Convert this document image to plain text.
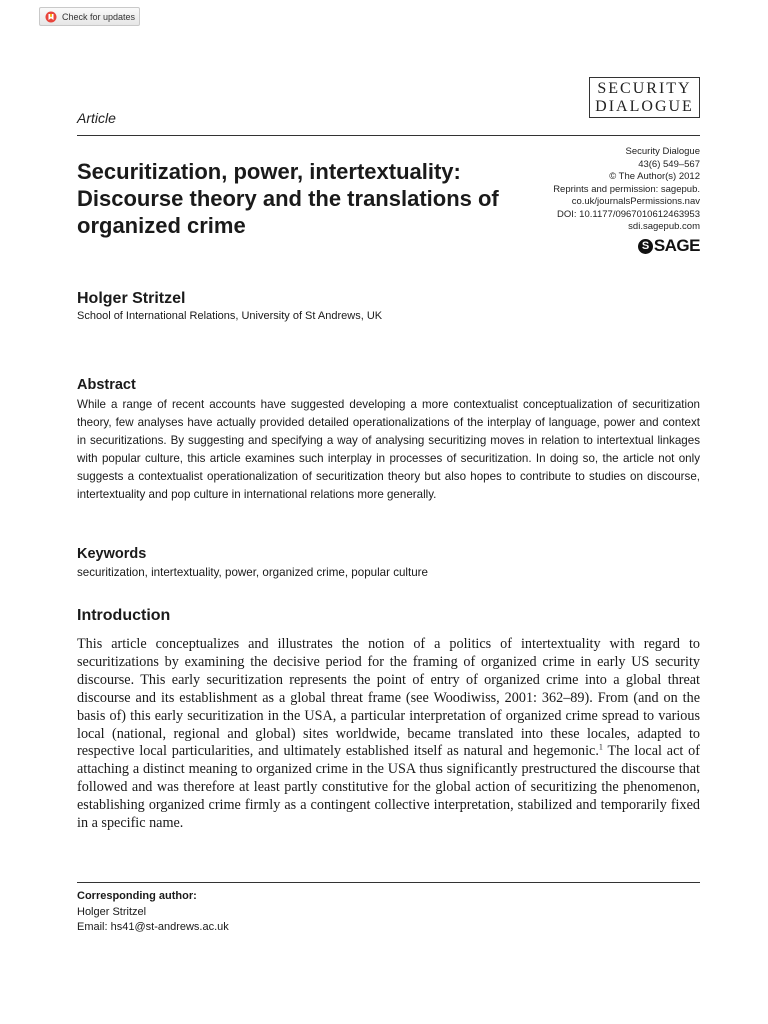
Check for updates
SECURITY
DIALOGUE
Article
Securitization, power, intertextuality: Discourse theory and the translations of organized crime
Security Dialogue
43(6) 549–567
© The Author(s) 2012
Reprints and permission: sagepub.
co.uk/journalsPermissions.nav
DOI: 10.1177/0967010612463953
sdi.sagepub.com
S SAGE
Holger Stritzel
School of International Relations, University of St Andrews, UK
Abstract

While a range of recent accounts have suggested developing a more contextualist conceptualization of securitization theory, few analyses have actually provided detailed operationalizations of the interplay of language, power and context in securitizations. By suggesting and specifying a way of analysing securitizing moves in relation to intertextual linkages with popular culture, this article examines such interplay in processes of securitization. In doing so, the article not only suggests a contextualist operationalization of securitization theory but also hopes to contribute to studies on discourse, intertextuality and pop culture in international relations more generally.

Keywords
securitization, intertextuality, power, organized crime, popular culture
Introduction

This article conceptualizes and illustrates the notion of a politics of intertextuality with regard to securitizations by examining the decisive period for the framing of organized crime in early US security discourse. This early securitization represents the point of entry of organized crime into a global threat discourse and its establishment as a global threat frame (see Woodiwiss, 2001: 362–89). From (and on the basis of) this early securitization in the USA, a particular interpretation of organized crime spread to various local (national, regional and global) sites worldwide, became translated into these locales, adapted to respective local particularities, and ultimately established itself as natural and hegemonic.$^1$ The local act of attaching a distinct meaning to organized crime in the USA thus significantly prestructured the discourse that followed and was therefore at least partly constitutive for the global action of securitizing the phenomenon, establishing organized crime firmly as a contingent collective interpretation, stabilized and temporarily fixed in a specific name.

Corresponding author:
Holger Stritzel
Email: hs41@st-andrews.ac.uk
